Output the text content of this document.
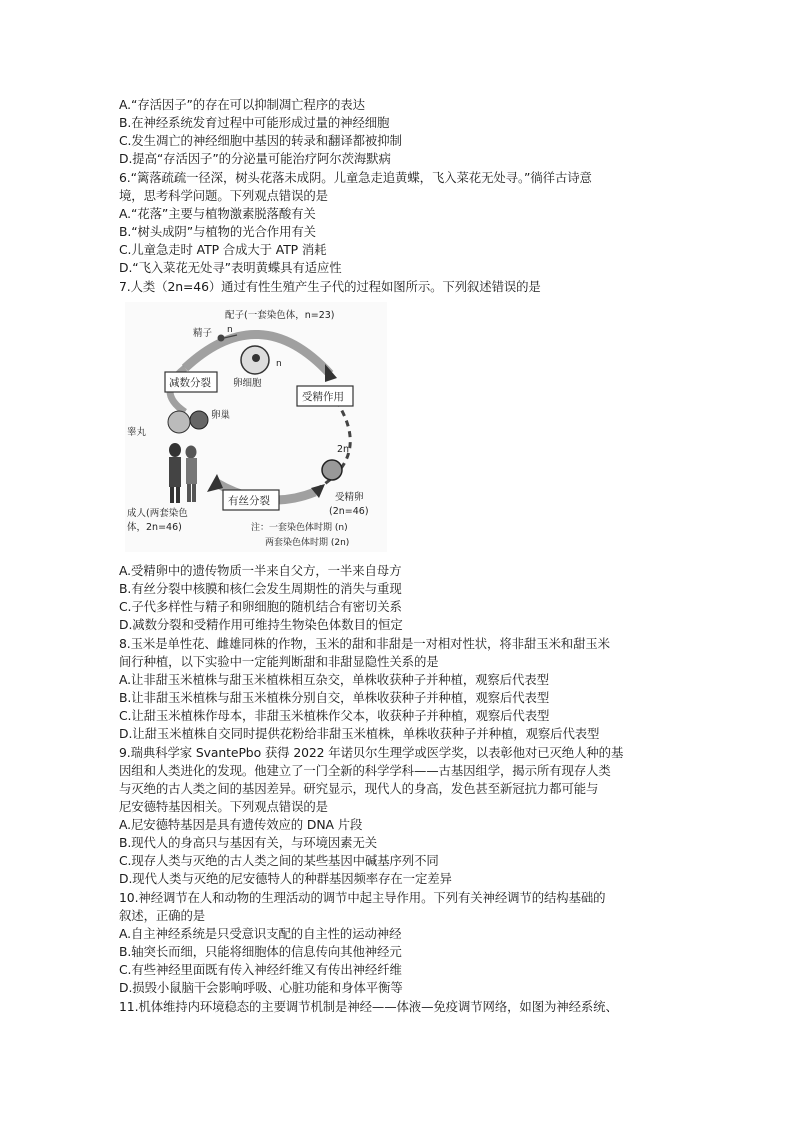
A.“存活因子”的存在可以抑制凋亡程序的表达
B.在神经系统发育过程中可能形成过量的神经细胞
C.发生凋亡的神经细胞中基因的转录和翻译都被抑制
D.提高“存活因子”的分泌量可能治疗阿尔茨海默病
6.“篱落疏疏一径深，树头花落未成阴。儿童急走追黄蝶，飞入菜花无处寻。”徜徉古诗意
境，思考科学问题。下列观点错误的是
A.“花落”主要与植物激素脱落酸有关
B.“树头成阴”与植物的光合作用有关
C.儿童急走时 ATP 合成大于 ATP 消耗
D.“飞入菜花无处寻”表明黄蝶具有适应性
7.人类（2n=46）通过有性生殖产生子代的过程如图所示。下列叙述错误的是
配子(一套染色体，n=23)
n
精子
卵细胞
n
减数分裂
受精作用
睾丸
卵巢
2n
受精卵
(2n=46)
有丝分裂
成人(两套染色
体，2n=46)	注：一套染色体时期 (n)
两套染色体时期 (2n)
A.受精卵中的遗传物质一半来自父方，一半来自母方
B.有丝分裂中核膜和核仁会发生周期性的消失与重现
C.子代多样性与精子和卵细胞的随机结合有密切关系
D.减数分裂和受精作用可维持生物染色体数目的恒定
8.玉米是单性花、雌雄同株的作物，玉米的甜和非甜是一对相对性状，将非甜玉米和甜玉米
间行种植，以下实验中一定能判断甜和非甜显隐性关系的是
A.让非甜玉米植株与甜玉米植株相互杂交，单株收获种子并种植，观察后代表型
B.让非甜玉米植株与甜玉米植株分别自交，单株收获种子并种植，观察后代表型
C.让甜玉米植株作母本，非甜玉米植株作父本，收获种子并种植，观察后代表型
D.让甜玉米植株自交同时提供花粉给非甜玉米植株，单株收获种子并种植，观察后代表型
9.瑞典科学家 SvantePbo 获得 2022 年诺贝尔生理学或医学奖，以表彰他对已灭绝人种的基
因组和人类进化的发现。他建立了一门全新的科学学科——古基因组学，揭示所有现存人类
与灭绝的古人类之间的基因差异。研究显示，现代人的身高，发色甚至新冠抗力都可能与
尼安德特基因相关。下列观点错误的是
A.尼安德特基因是具有遗传效应的 DNA 片段
B.现代人的身高只与基因有关，与环境因素无关
C.现存人类与灭绝的古人类之间的某些基因中碱基序列不同
D.现代人类与灭绝的尼安德特人的种群基因频率存在一定差异
10.神经调节在人和动物的生理活动的调节中起主导作用。下列有关神经调节的结构基础的
叙述，正确的是
A.自主神经系统是只受意识支配的自主性的运动神经
B.轴突长而细，只能将细胞体的信息传向其他神经元
C.有些神经里面既有传入神经纤维又有传出神经纤维
D.损毁小鼠脑干会影响呼吸、心脏功能和身体平衡等
11.机体维持内环境稳态的主要调节机制是神经——体液—免疫调节网络，如图为神经系统、
